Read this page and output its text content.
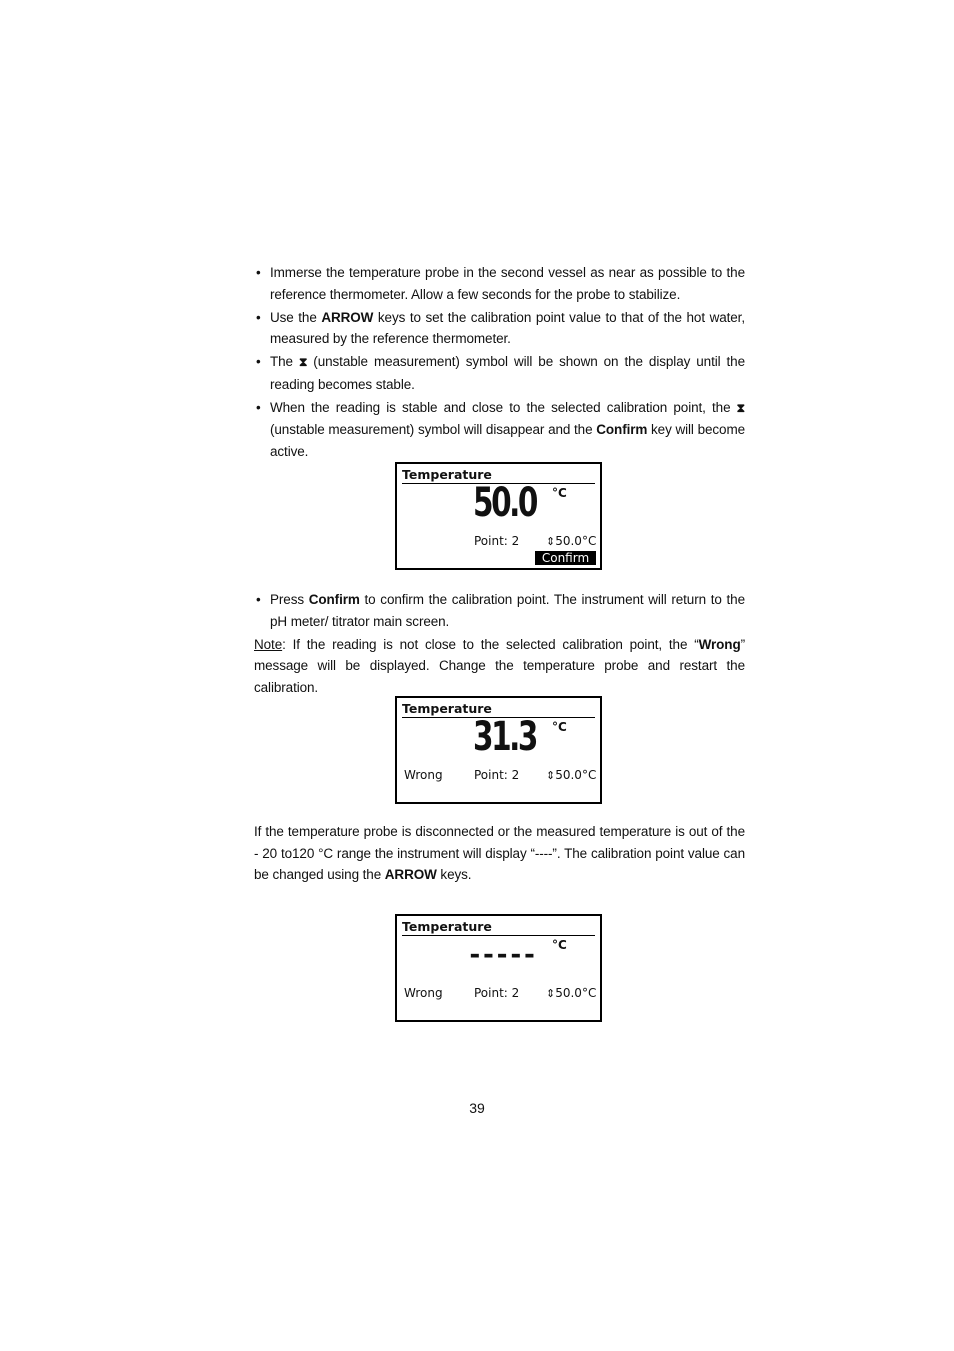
• Immerse the temperature probe in the second vessel as near as possible to the reference thermometer. Allow a few seconds for the probe to stabilize.
• Use the ARROW keys to set the calibration point value to that of the hot water, measured by the reference thermometer.
• The ⧗ (unstable measurement) symbol will be shown on the display until the reading becomes stable.
• When the reading is stable and close to the selected calibration point, the ⧗ (unstable measurement) symbol will disappear and the Confirm key will become active.
Temperature
50.0 °C
Point: 2 ⇕50.0°C
Confirm
• Press Confirm to confirm the calibration point. The instrument will return to the pH meter/ titrator main screen.
Note: If the reading is not close to the selected calibration point, the “Wrong” message will be displayed. Change the temperature probe and restart the calibration.
Temperature
31.3 °C
Wrong	Point: 2 ⇕50.0°C
If the temperature probe is disconnected or the measured temperature is out of the - 20 to120 °C range the instrument will display “----”. The calibration point value can be changed using the ARROW keys.
Temperature
----- °C
Wrong	Point: 2 ⇕50.0°C
39
